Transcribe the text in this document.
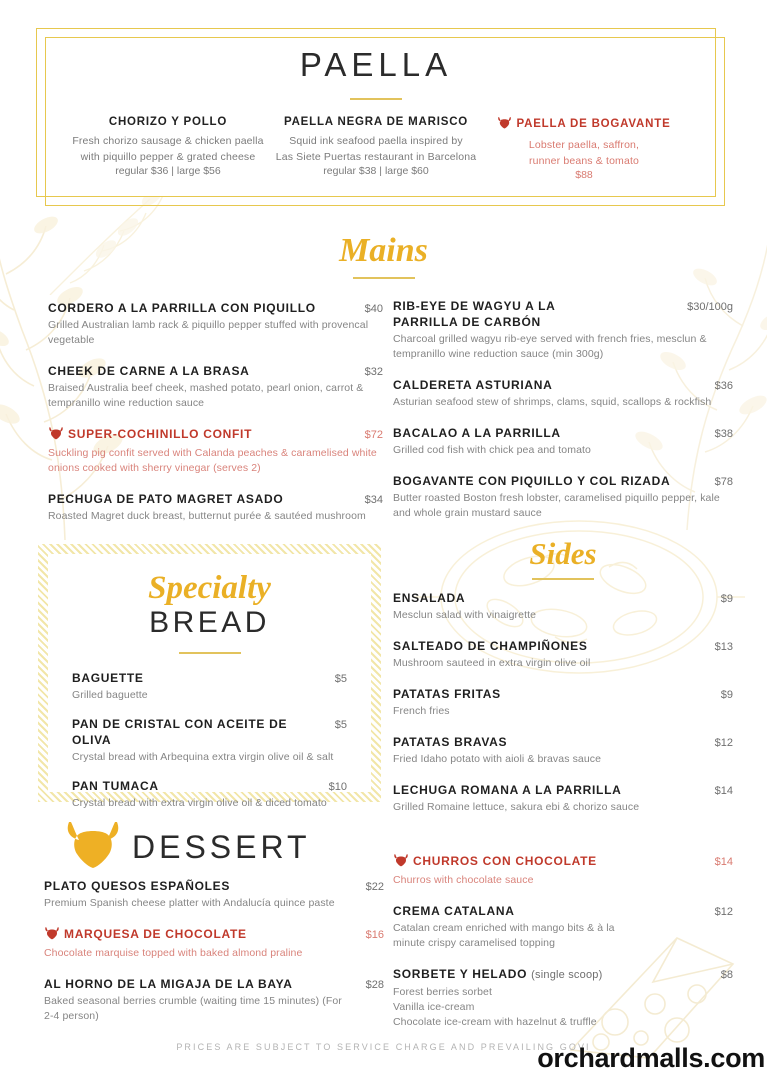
PAELLA
CHORIZO Y POLLO
Fresh chorizo sausage & chicken paella
with piquillo pepper & grated cheese
regular $36 | large $56
PAELLA NEGRA DE MARISCO
Squid ink seafood paella inspired by
Las Siete Puertas restaurant in Barcelona
regular $38 | large $60
PAELLA DE BOGAVANTE
Lobster paella, saffron,
runner beans & tomato
$88
Mains
CORDERO A LA PARRILLA CON PIQUILLO	$40
Grilled Australian lamb rack & piquillo pepper stuffed with provencal vegetable
CHEEK DE CARNE A LA BRASA	$32
Braised Australia beef cheek, mashed potato, pearl onion, carrot & tempranillo wine reduction sauce
SUPER-COCHINILLO CONFIT	$72
Suckling pig confit served with Calanda peaches & caramelised white onions cooked with sherry vinegar (serves 2)
PECHUGA DE PATO MAGRET ASADO	$34
Roasted Magret duck breast, butternut purée & sautéed mushroom
RIB-EYE DE WAGYU A LA PARRILLA DE CARBÓN
$30/100g
Charcoal grilled wagyu rib-eye served with french fries, mesclun & tempranillo wine reduction sauce (min 300g)
CALDERETA ASTURIANA	$36
Asturian seafood stew of shrimps, clams, squid, scallops & rockfish
BACALAO A LA PARRILLA	$38
Grilled cod fish with chick pea and tomato
BOGAVANTE CON PIQUILLO Y COL RIZADA	$78
Butter roasted Boston fresh lobster, caramelised piquillo pepper, kale and whole grain mustard sauce
Specialty
BREAD
BAGUETTE	$5
Grilled baguette
PAN DE CRISTAL CON ACEITE DE OLIVA
$5
Crystal bread with Arbequina extra virgin olive oil & salt
PAN TUMACA	$10
Crystal bread with extra virgin olive oil & diced tomato
Sides
ENSALADA	$9
Mesclun salad with vinaigrette
SALTEADO DE CHAMPIÑONES	$13
Mushroom sauteed in extra virgin olive oil
PATATAS FRITAS	$9
French fries
PATATAS BRAVAS	$12
Fried Idaho potato with aioli & bravas sauce
LECHUGA ROMANA A LA PARRILLA	$14
Grilled Romaine lettuce, sakura ebi & chorizo sauce
DESSERT
PLATO QUESOS ESPAÑOLES	$22
Premium Spanish cheese platter with Andalucía quince paste
MARQUESA DE CHOCOLATE	$16
Chocolate marquise topped with baked almond praline
AL HORNO DE LA MIGAJA DE LA BAYA	$28
Baked seasonal berries crumble (waiting time 15 minutes) (For 2-4 person)
CHURROS CON CHOCOLATE	$14
Churros with chocolate sauce
CREMA CATALANA	$12
Catalan cream enriched with mango bits & à la minute crispy caramelised topping
SORBETE Y HELADO (single scoop)	$8
Forest berries sorbet
Vanilla ice-cream
Chocolate ice-cream with hazelnut & truffle
PRICES ARE SUBJECT TO SERVICE CHARGE AND PREVAILING GOVI
orchardmalls.com
